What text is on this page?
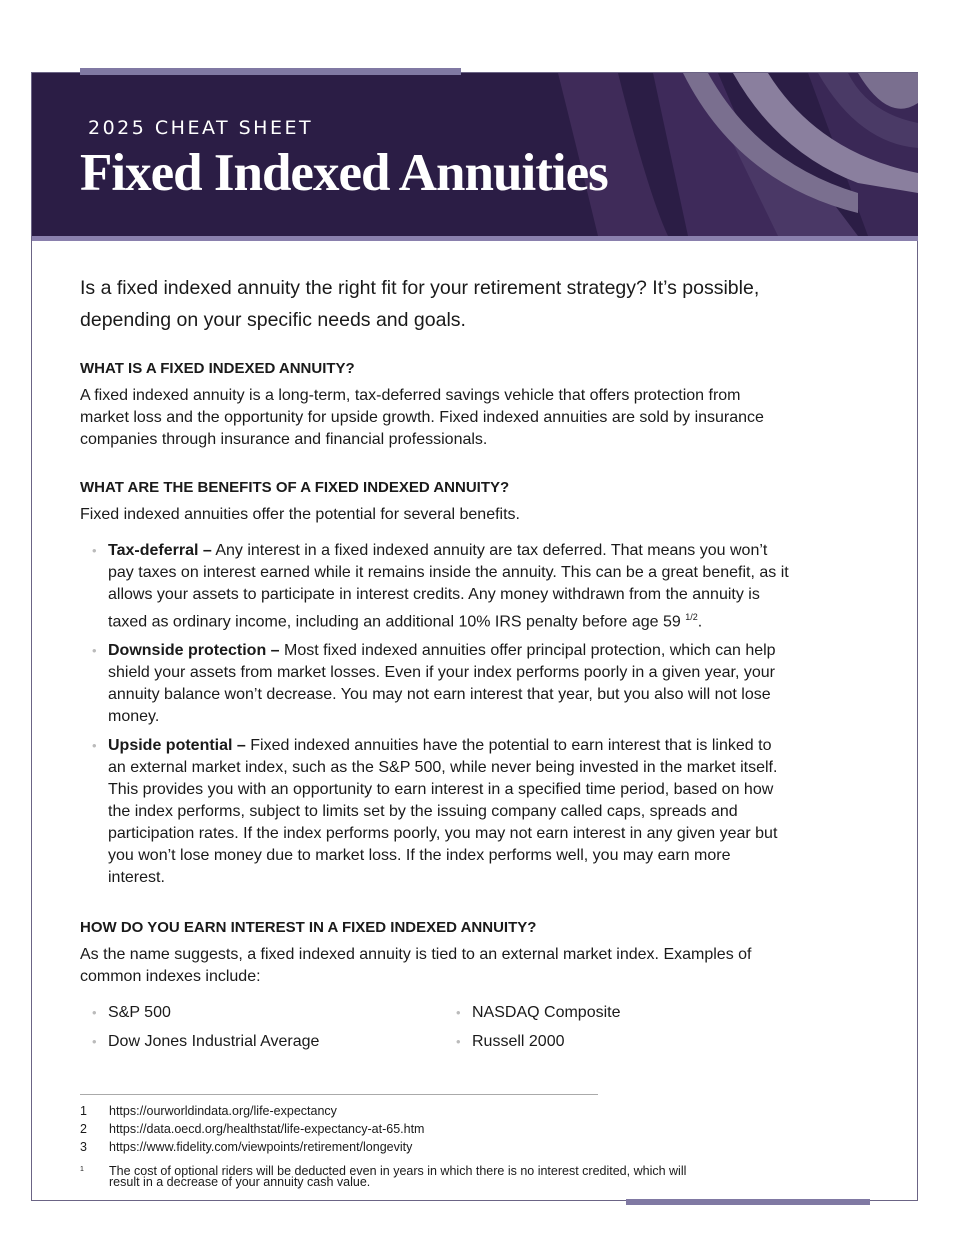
2025 CHEAT SHEET
Fixed Indexed Annuities

Is a fixed indexed annuity the right fit for your retirement strategy? It’s possible, depending on your specific needs and goals.

WHAT IS A FIXED INDEXED ANNUITY?

A fixed indexed annuity is a long-term, tax-deferred savings vehicle that offers protection from market loss and the opportunity for upside growth. Fixed indexed annuities are sold by insurance companies through insurance and financial professionals.

WHAT ARE THE BENEFITS OF A FIXED INDEXED ANNUITY?

Fixed indexed annuities offer the potential for several benefits.

• Tax-deferral – Any interest in a fixed indexed annuity are tax deferred. That means you won’t pay taxes on interest earned while it remains inside the annuity. This can be a great benefit, as it allows your assets to participate in interest credits. Any money withdrawn from the annuity is taxed as ordinary income, including an additional 10% IRS penalty before age 59 $^{1/2}$.
• Downside protection – Most fixed indexed annuities offer principal protection, which can help shield your assets from market losses. Even if your index performs poorly in a given year, your annuity balance won’t decrease. You may not earn interest that year, but you also will not lose money.
• Upside potential – Fixed indexed annuities have the potential to earn interest that is linked to an external market index, such as the S&P 500, while never being invested in the market itself. This provides you with an opportunity to earn interest in a specified time period, based on how the index performs, subject to limits set by the issuing company called caps, spreads and participation rates. If the index performs poorly, you may not earn interest in any given year but you won’t lose money due to market loss. If the index performs well, you may earn more interest.
HOW DO YOU EARN INTEREST IN A FIXED INDEXED ANNUITY?

As the name suggests, a fixed indexed annuity is tied to an external market index. Examples of common indexes include:

• S&P 500	• NASDAQ Composite
• Dow Jones Industrial Average	• Russell 2000
1 https://ourworldindata.org/life-expectancy
2 https://data.oecd.org/healthstat/life-expectancy-at-65.htm
3 https://www.fidelity.com/viewpoints/retirement/longevity
1	The cost of optional riders will be deducted even in years in which there is no interest credited, which will
result in a decrease of your annuity cash value.
